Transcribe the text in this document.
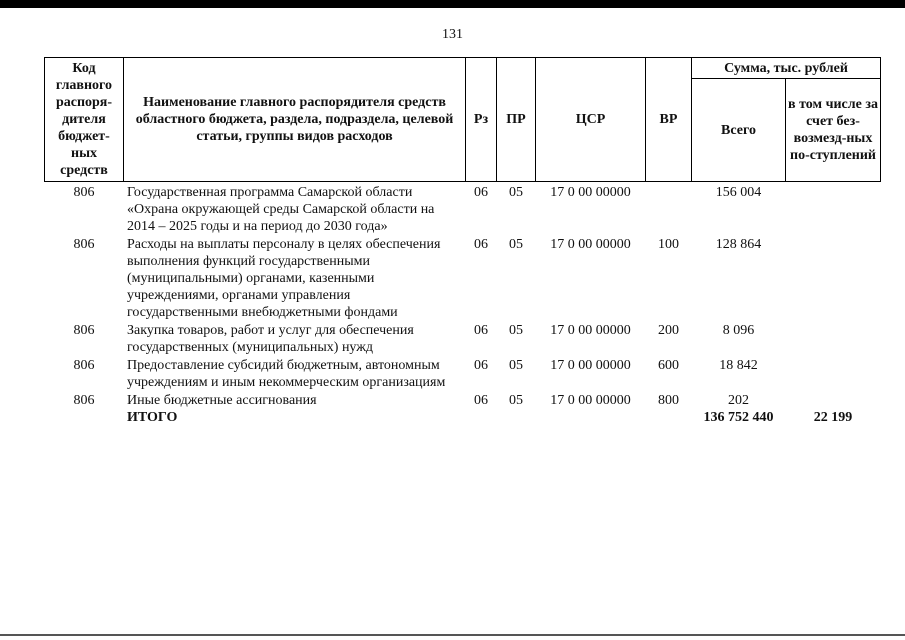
131
Код главного распоря-дителя бюджет-ных средств	Наименование главного распорядителя средств областного бюджета, раздела, подраздела, целевой статьи, группы видов расходов	Рз	ПР	ЦСР	ВР	Сумма, тыс. рублей	
						Всего	в том числе за счет без-возмезд-ных по-ступлений
806	Государственная программа Самарской области «Охрана окружающей среды Самарской области на 2014 – 2025 годы и на период до 2030 года»	06	05	17 0 00 00000		156 004	
806	Расходы на выплаты персоналу в целях обеспечения выполнения функций государственными (муниципальными) органами, казенными учреждениями, органами управления государственными внебюджетными фондами	06	05	17 0 00 00000	100	128 864	
806	Закупка товаров, работ и услуг для обеспечения государственных (муниципальных) нужд	06	05	17 0 00 00000	200	8 096	
806	Предоставление субсидий бюджетным, автономным учреждениям и иным некоммерческим организациям	06	05	17 0 00 00000	600	18 842	
806	Иные бюджетные ассигнования	06	05	17 0 00 00000	800	202	
	ИТОГО					136 752 440	22 199
